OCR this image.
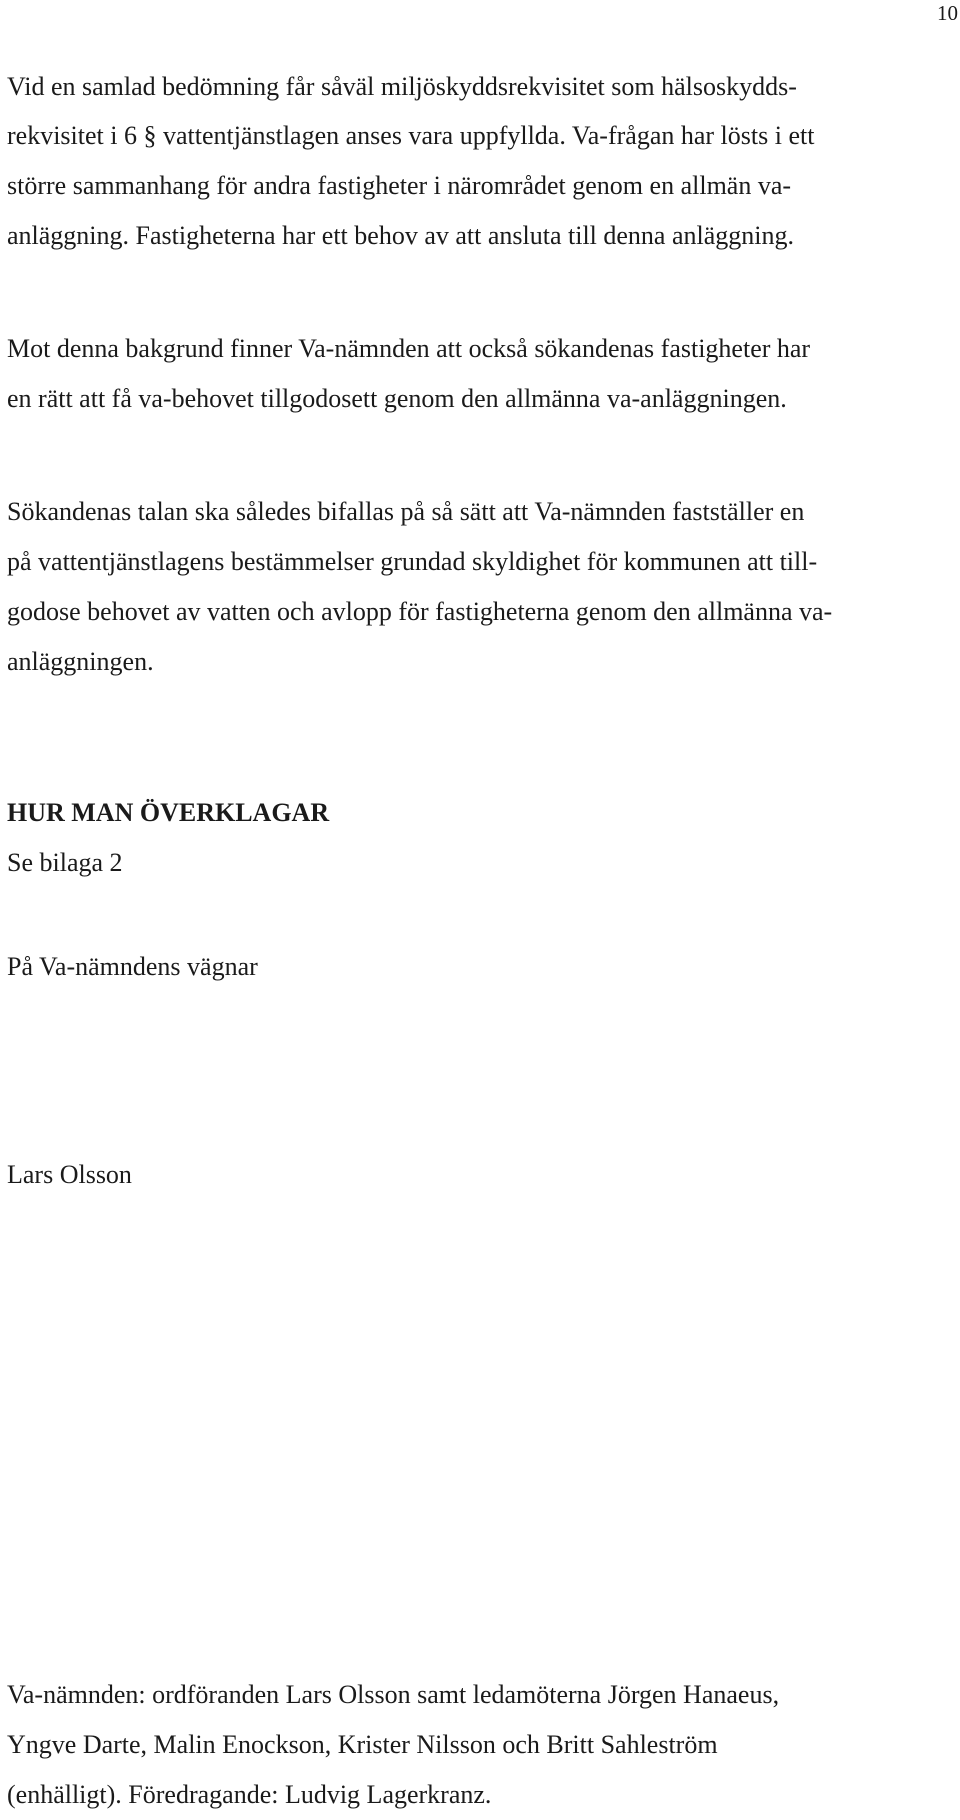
10
Vid en samlad bedömning får såväl miljöskyddsrekvisitet som hälsoskydds-
rekvisitet i 6 § vattentjänstlagen anses vara uppfyllda. Va-frågan har lösts i ett
större sammanhang för andra fastigheter i närområdet genom en allmän va-
anläggning. Fastigheterna har ett behov av att ansluta till denna anläggning.
Mot denna bakgrund finner Va-nämnden att också sökandenas fastigheter har
en rätt att få va-behovet tillgodosett genom den allmänna va-anläggningen.
Sökandenas talan ska således bifallas på så sätt att Va-nämnden fastställer en
på vattentjänstlagens bestämmelser grundad skyldighet för kommunen att till-
godose behovet av vatten och avlopp för fastigheterna genom den allmänna va-
anläggningen.
HUR MAN ÖVERKLAGAR
Se bilaga 2
På Va-nämndens vägnar
Lars Olsson
Va-nämnden: ordföranden Lars Olsson samt ledamöterna Jörgen Hanaeus,
Yngve Darte, Malin Enockson, Krister Nilsson och Britt Sahleström
(enhälligt). Föredragande: Ludvig Lagerkranz.
